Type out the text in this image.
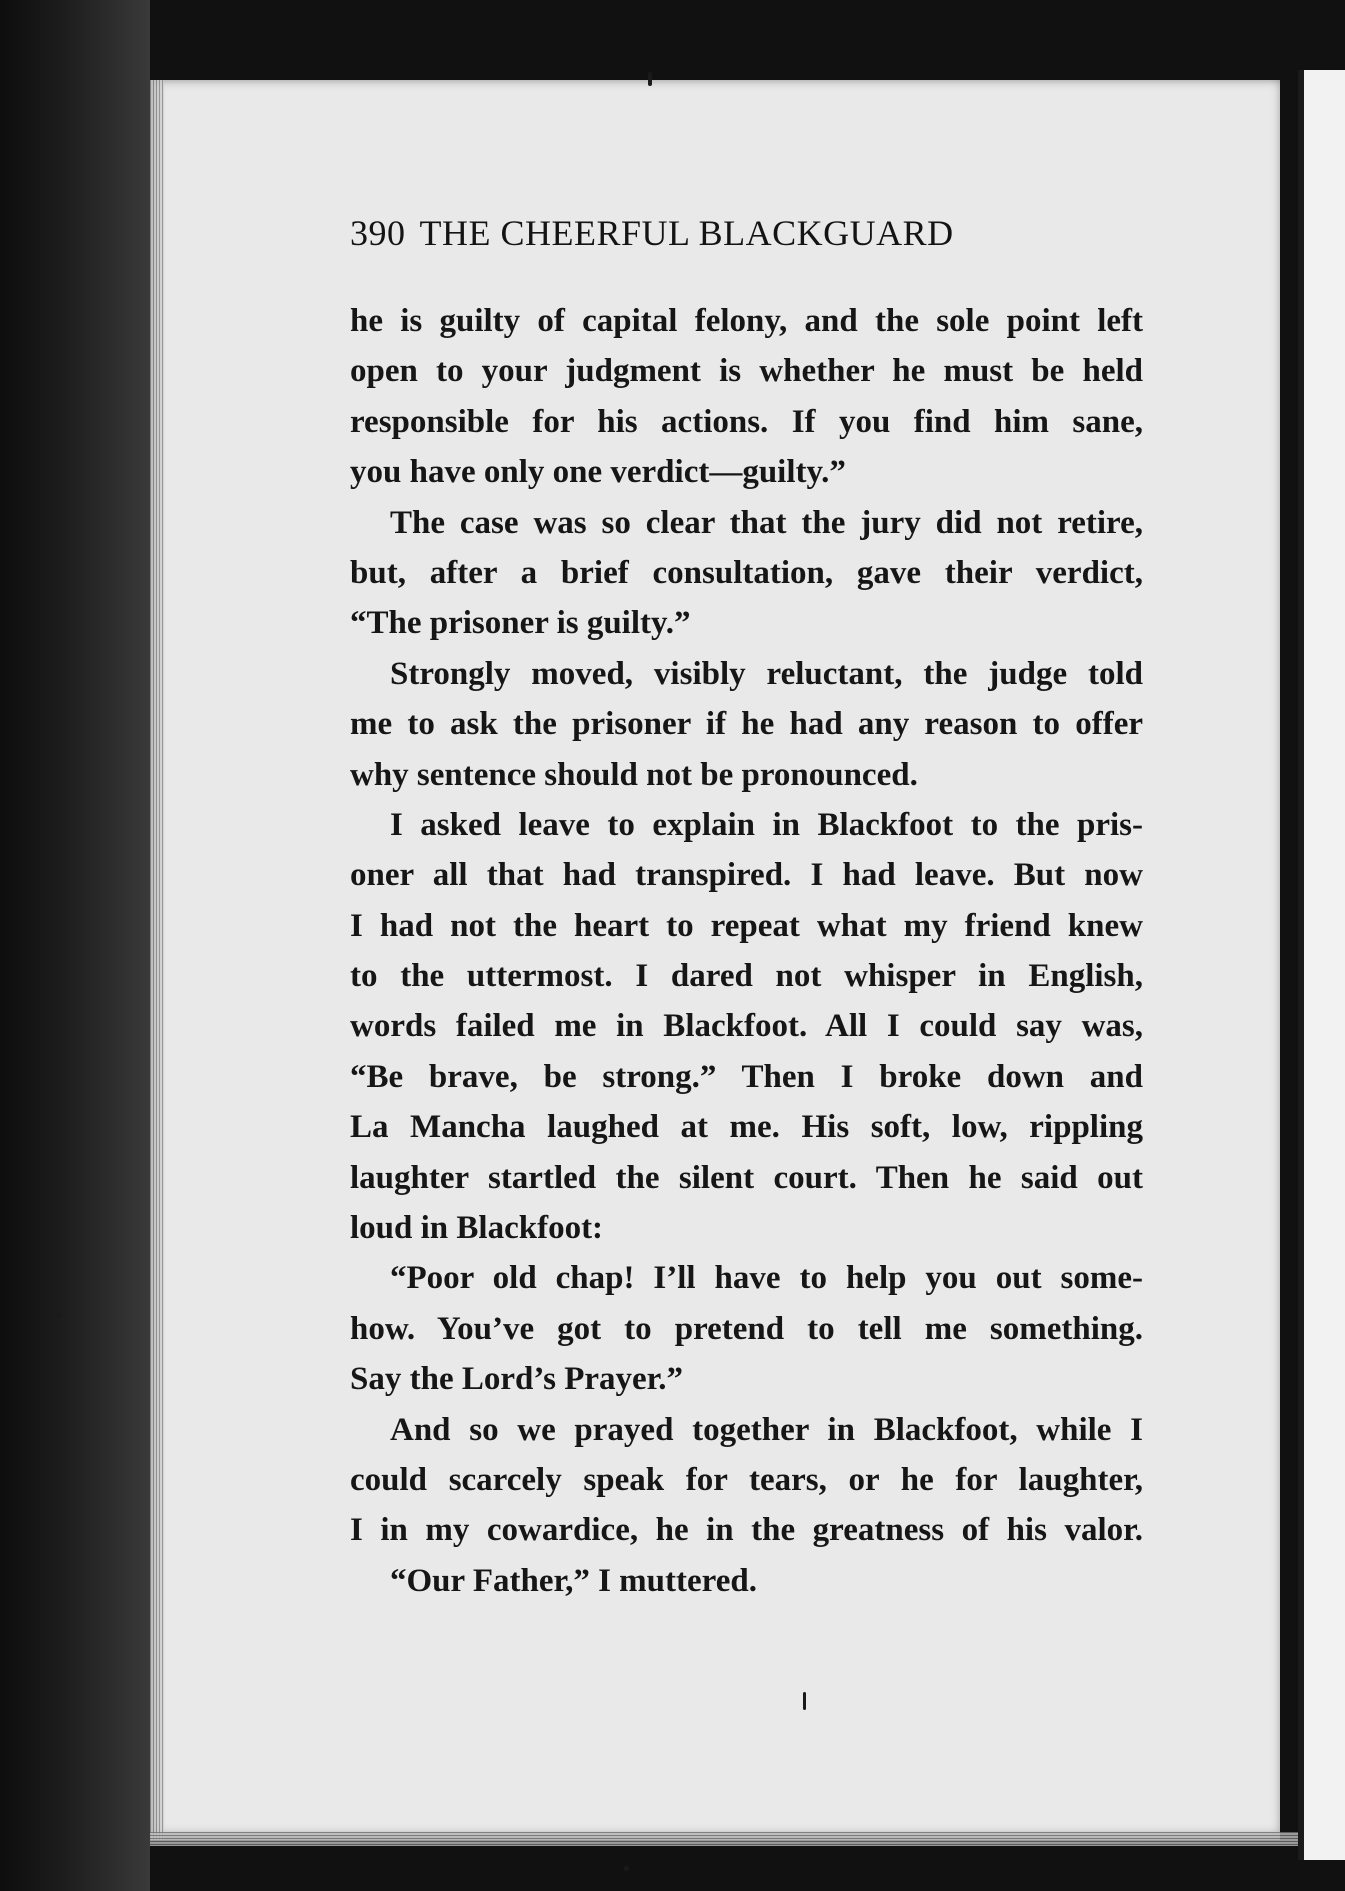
390 THE CHEERFUL BLACKGUARD
he is guilty of capital felony, and the sole point left
open to your judgment is whether he must be held
responsible for his actions. If you find him sane,
you have only one verdict—guilty.”
The case was so clear that the jury did not retire,
but, after a brief consultation, gave their verdict,
“The prisoner is guilty.”
Strongly moved, visibly reluctant, the judge told
me to ask the prisoner if he had any reason to offer
why sentence should not be pronounced.
I asked leave to explain in Blackfoot to the pris-
oner all that had transpired. I had leave. But now
I had not the heart to repeat what my friend knew
to the uttermost. I dared not whisper in English,
words failed me in Blackfoot. All I could say was,
“Be brave, be strong.” Then I broke down and
La Mancha laughed at me. His soft, low, rippling
laughter startled the silent court. Then he said out
loud in Blackfoot:
“Poor old chap! I’ll have to help you out some-
how. You’ve got to pretend to tell me something.
Say the Lord’s Prayer.”
And so we prayed together in Blackfoot, while I
could scarcely speak for tears, or he for laughter,
I in my cowardice, he in the greatness of his valor.
“Our Father,” I muttered.
